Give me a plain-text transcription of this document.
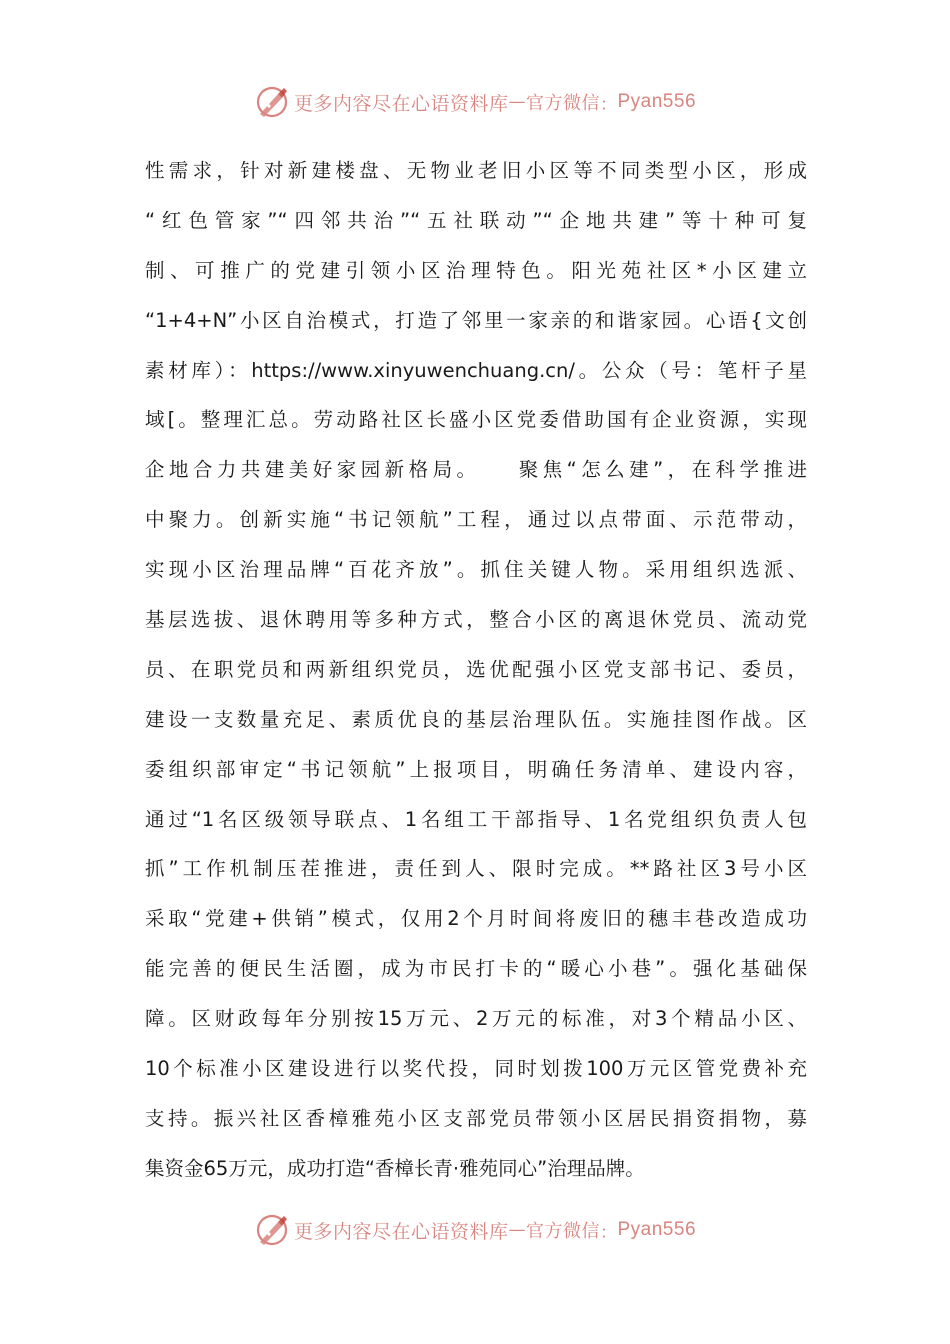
更多内容尽在心语资料库 — 官方微信 ： Pyan556
性需求，针对新建楼盘、无物业老旧小区等不同类型小区，形成
“红色管家”“四邻共治”“五社联动”“企地共建”等十种可复
制、可推广的党建引领小区治理特色。阳光苑社区*小区建立
“1+4+N”小区自治模式，打造了邻里一家亲的和谐家园。心语{文创
素材库）：https://www.xinyuwenchuang.cn/。公众（号：笔杆子星
域[。整理汇总。劳动路社区长盛小区党委借助国有企业资源，实现
企地合力共建美好家园新格局。　　聚焦“怎么建”，在科学推进
中聚力。创新实施“书记领航”工程，通过以点带面、示范带动，
实现小区治理品牌“百花齐放”。抓住关键人物。采用组织选派、
基层选拔、退休聘用等多种方式，整合小区的离退休党员、流动党
员、在职党员和两新组织党员，选优配强小区党支部书记、委员，
建设一支数量充足、素质优良的基层治理队伍。实施挂图作战。区
委组织部审定“书记领航”上报项目，明确任务清单、建设内容，
通过“1名区级领导联点、1名组工干部指导、1名党组织负责人包
抓”工作机制压茬推进，责任到人、限时完成。**路社区3号小区
采取“党建+供销”模式，仅用2个月时间将废旧的穗丰巷改造成功
能完善的便民生活圈，成为市民打卡的“暖心小巷”。强化基础保
障。区财政每年分别按15万元、2万元的标准，对3个精品小区、
10个标准小区建设进行以奖代投，同时划拨100万元区管党费补充
支持。振兴社区香樟雅苑小区支部党员带领小区居民捐资捐物，募
集资金65万元，成功打造“香樟长青·雅苑同心”治理品牌。
更多内容尽在心语资料库 — 官方微信 ： Pyan556
